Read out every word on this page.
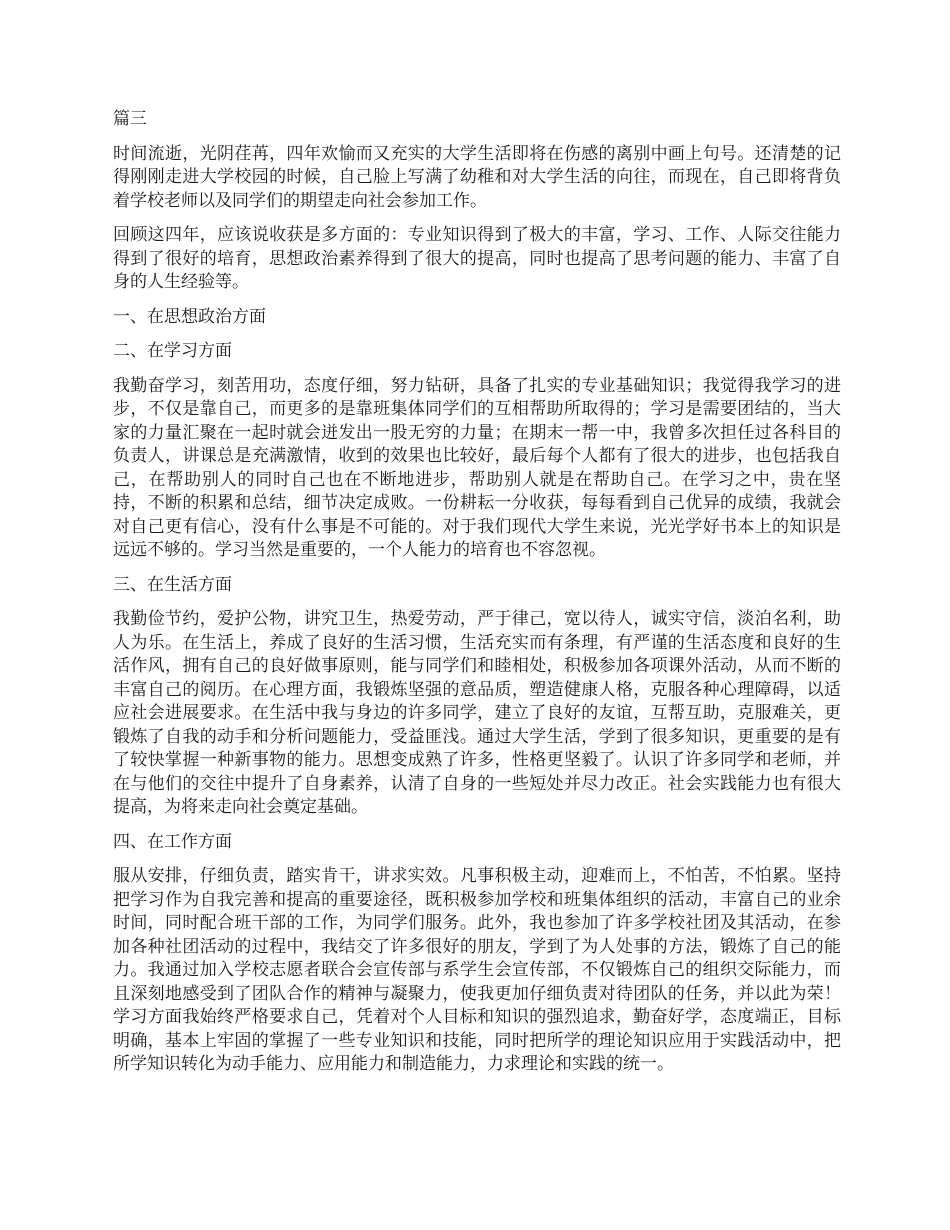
篇三

时间流逝，光阴荏苒，四年欢愉而又充实的大学生活即将在伤感的离别中画上句号。还清楚的记得刚刚走进大学校园的时候，自己脸上写满了幼稚和对大学生活的向往，而现在，自己即将背负着学校老师以及同学们的期望走向社会参加工作。

回顾这四年，应该说收获是多方面的：专业知识得到了极大的丰富，学习、工作、人际交往能力得到了很好的培育，思想政治素养得到了很大的提高，同时也提高了思考问题的能力、丰富了自身的人生经验等。

一、在思想政治方面

二、在学习方面

我勤奋学习，刻苦用功，态度仔细，努力钻研，具备了扎实的专业基础知识；我觉得我学习的进步，不仅是靠自己，而更多的是靠班集体同学们的互相帮助所取得的；学习是需要团结的，当大家的力量汇聚在一起时就会迸发出一股无穷的力量；在期末一帮一中，我曾多次担任过各科目的负责人，讲课总是充满激情，收到的效果也比较好，最后每个人都有了很大的进步，也包括我自己，在帮助别人的同时自己也在不断地进步，帮助别人就是在帮助自己。在学习之中，贵在坚持，不断的积累和总结，细节决定成败。一份耕耘一分收获，每每看到自己优异的成绩，我就会对自己更有信心，没有什么事是不可能的。对于我们现代大学生来说，光光学好书本上的知识是远远不够的。学习当然是重要的，一个人能力的培育也不容忽视。

三、在生活方面

我勤俭节约，爱护公物，讲究卫生，热爱劳动，严于律己，宽以待人，诚实守信，淡泊名利，助人为乐。在生活上，养成了良好的生活习惯，生活充实而有条理，有严谨的生活态度和良好的生活作风，拥有自己的良好做事原则，能与同学们和睦相处，积极参加各项课外活动，从而不断的丰富自己的阅历。在心理方面，我锻炼坚强的意品质，塑造健康人格，克服各种心理障碍，以适应社会进展要求。在生活中我与身边的许多同学，建立了良好的友谊，互帮互助，克服难关，更锻炼了自我的动手和分析问题能力，受益匪浅。通过大学生活，学到了很多知识，更重要的是有了较快掌握一种新事物的能力。思想变成熟了许多，性格更坚毅了。认识了许多同学和老师，并在与他们的交往中提升了自身素养，认清了自身的一些短处并尽力改正。社会实践能力也有很大提高，为将来走向社会奠定基础。

四、在工作方面

服从安排，仔细负责，踏实肯干，讲求实效。凡事积极主动，迎难而上，不怕苦，不怕累。坚持把学习作为自我完善和提高的重要途径，既积极参加学校和班集体组织的活动，丰富自己的业余时间，同时配合班干部的工作，为同学们服务。此外，我也参加了许多学校社团及其活动，在参加各种社团活动的过程中，我结交了许多很好的朋友，学到了为人处事的方法，锻炼了自己的能力。我通过加入学校志愿者联合会宣传部与系学生会宣传部，不仅锻炼自己的组织交际能力，而且深刻地感受到了团队合作的精神与凝聚力，使我更加仔细负责对待团队的任务，并以此为荣！学习方面我始终严格要求自己，凭着对个人目标和知识的强烈追求，勤奋好学，态度端正，目标明确，基本上牢固的掌握了一些专业知识和技能，同时把所学的理论知识应用于实践活动中，把所学知识转化为动手能力、应用能力和制造能力，力求理论和实践的统一。
